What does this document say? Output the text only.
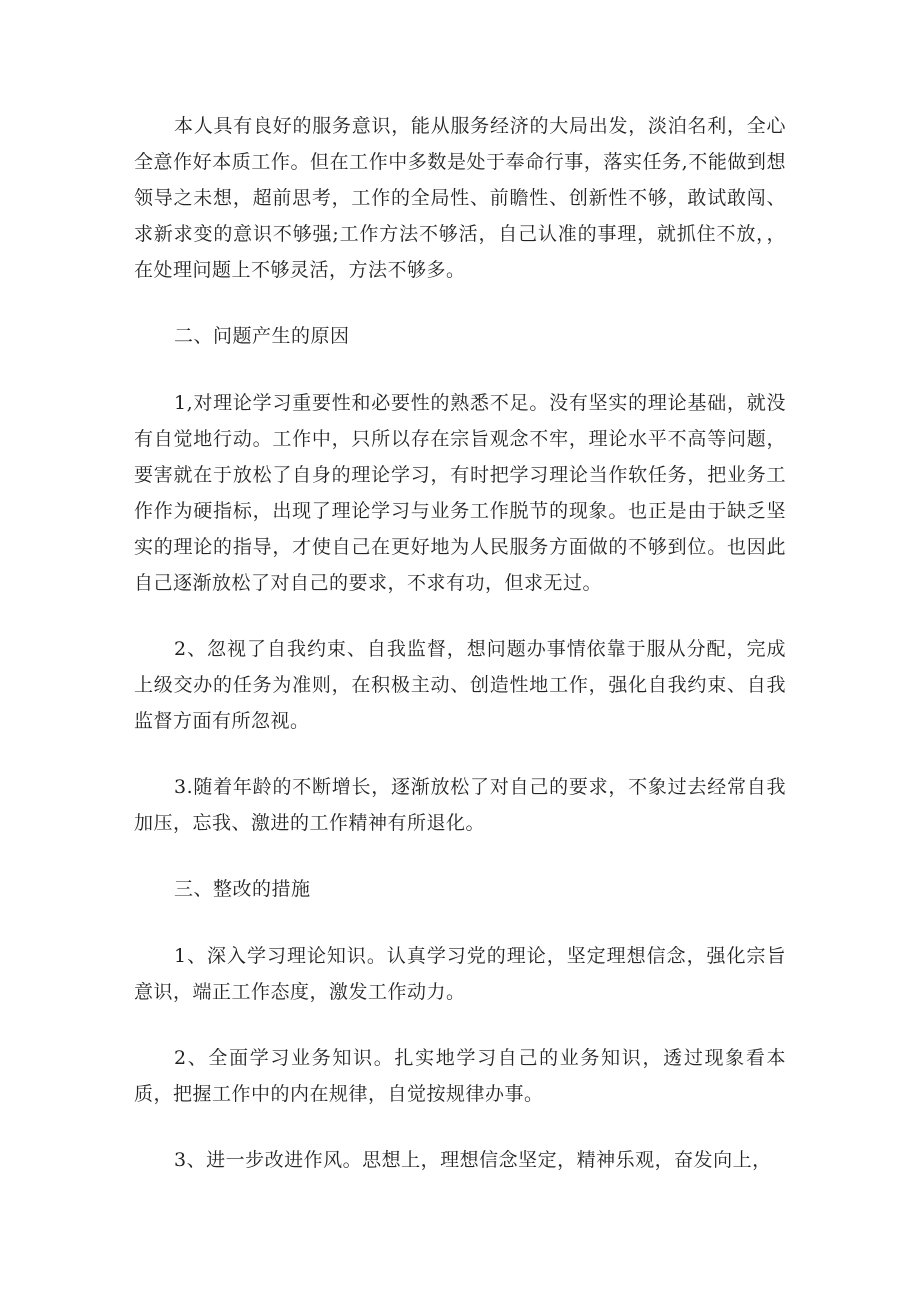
本人具有良好的服务意识，能从服务经济的大局出发，淡泊名利，全心全意作好本质工作。但在工作中多数是处于奉命行事，落实任务,不能做到想领导之未想，超前思考，工作的全局性、前瞻性、创新性不够，敢试敢闯、求新求变的意识不够强;工作方法不够活，自己认准的事理，就抓住不放，，在处理问题上不够灵活，方法不够多。

二、问题产生的原因

1,对理论学习重要性和必要性的熟悉不足。没有坚实的理论基础，就没有自觉地行动。工作中，只所以存在宗旨观念不牢，理论水平不高等问题，要害就在于放松了自身的理论学习，有时把学习理论当作软任务，把业务工作作为硬指标，出现了理论学习与业务工作脱节的现象。也正是由于缺乏坚实的理论的指导，才使自己在更好地为人民服务方面做的不够到位。也因此自己逐渐放松了对自己的要求，不求有功，但求无过。

2、忽视了自我约束、自我监督，想问题办事情依靠于服从分配，完成上级交办的任务为准则，在积极主动、创造性地工作，强化自我约束、自我监督方面有所忽视。

3.随着年龄的不断增长，逐渐放松了对自己的要求，不象过去经常自我加压，忘我、激进的工作精神有所退化。

三、整改的措施

1、深入学习理论知识。认真学习党的理论，坚定理想信念，强化宗旨意识，端正工作态度，激发工作动力。

2、全面学习业务知识。扎实地学习自己的业务知识，透过现象看本质，把握工作中的内在规律，自觉按规律办事。

3、进一步改进作风。思想上，理想信念坚定，精神乐观，奋发向上，
